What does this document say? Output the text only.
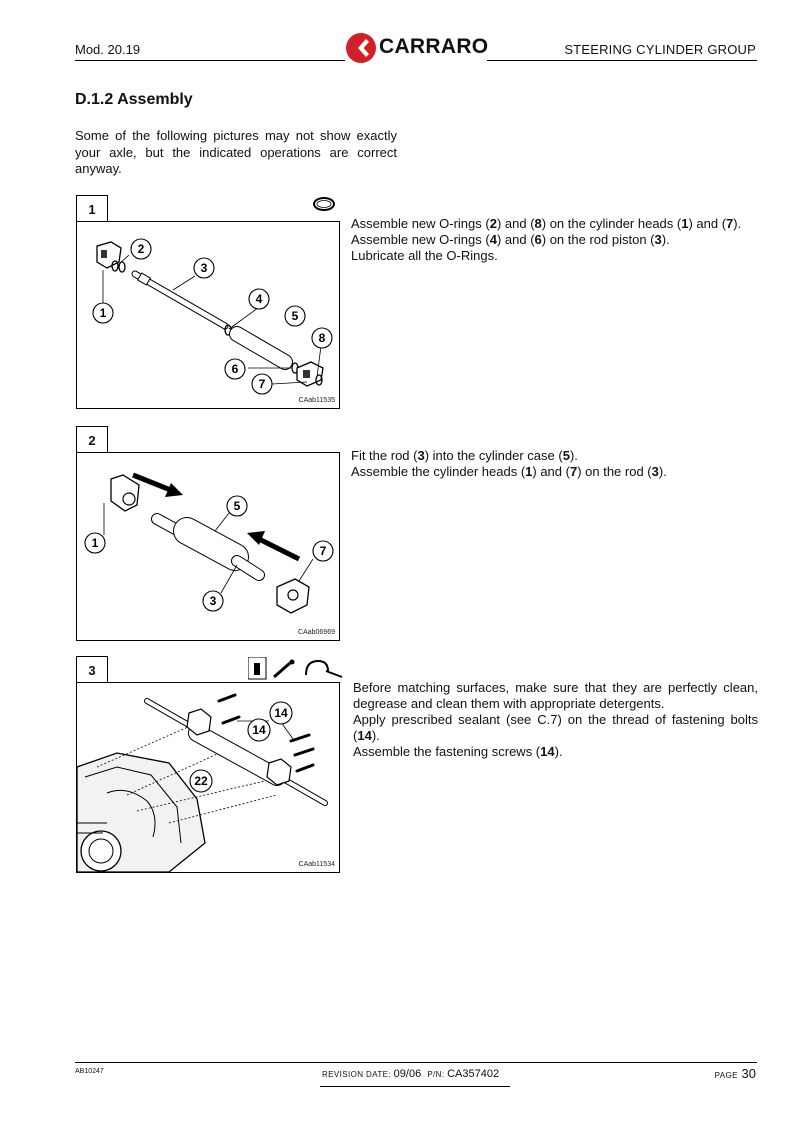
Mod. 20.19	CARRARO	STEERING CYLINDER GROUP
D.1.2 Assembly
Some of the following pictures may not show exactly your axle, but the indicated operations are correct anyway.
1
2
3
1
4
5
8
6
7
CAab11535
Assemble new O-rings (2) and (8) on the cylinder heads (1) and (7).
Assemble new O-rings (4) and (6) on the rod piston (3).
Lubricate all the O-Rings.
2
5
1
7
3
CAab06969
Fit the rod (3) into the cylinder case (5).
Assemble the cylinder heads (1) and (7) on the rod (3).
3
14
14
22
CAab11534
Before matching surfaces, make sure that they are perfectly clean, degrease and clean them with appropriate detergents.
Apply prescribed sealant (see C.7) on the thread of fastening bolts (14).
Assemble the fastening screws (14).
AB10247	REVISION DATE: 09/06 P/N: CA357402	PAGE 30
